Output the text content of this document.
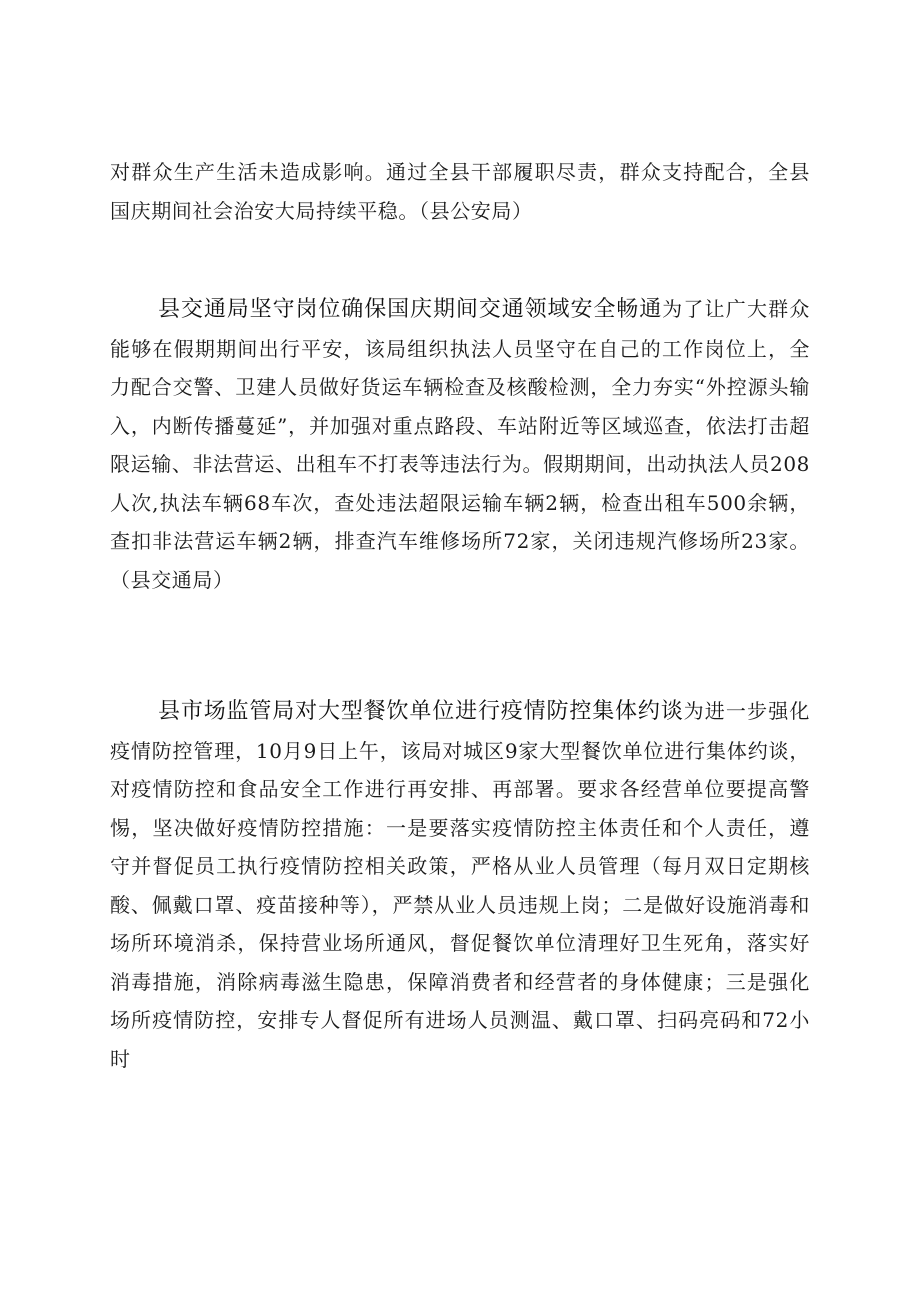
对群众生产生活未造成影响。通过全县干部履职尽责，群众支持配合，全县国庆期间社会治安大局持续平稳。（县公安局）

县交通局坚守岗位确保国庆期间交通领域安全畅通为了让广大群众能够在假期期间出行平安，该局组织执法人员坚守在自己的工作岗位上，全力配合交警、卫建人员做好货运车辆检查及核酸检测，全力夯实“外控源头输入，内断传播蔓延”，并加强对重点路段、车站附近等区域巡查，依法打击超限运输、非法营运、出租车不打表等违法行为。假期期间，出动执法人员208人次,执法车辆68车次，查处违法超限运输车辆2辆，检查出租车500余辆，查扣非法营运车辆2辆，排查汽车维修场所72家，关闭违规汽修场所23家。（县交通局）

县市场监管局对大型餐饮单位进行疫情防控集体约谈为进一步强化疫情防控管理，10月9日上午，该局对城区9家大型餐饮单位进行集体约谈，对疫情防控和食品安全工作进行再安排、再部署。要求各经营单位要提高警惕，坚决做好疫情防控措施：一是要落实疫情防控主体责任和个人责任，遵守并督促员工执行疫情防控相关政策，严格从业人员管理（每月双日定期核酸、佩戴口罩、疫苗接种等），严禁从业人员违规上岗；二是做好设施消毒和场所环境消杀，保持营业场所通风，督促餐饮单位清理好卫生死角，落实好消毒措施，消除病毒滋生隐患，保障消费者和经营者的身体健康；三是强化场所疫情防控，安排专人督促所有进场人员测温、戴口罩、扫码亮码和72小时
